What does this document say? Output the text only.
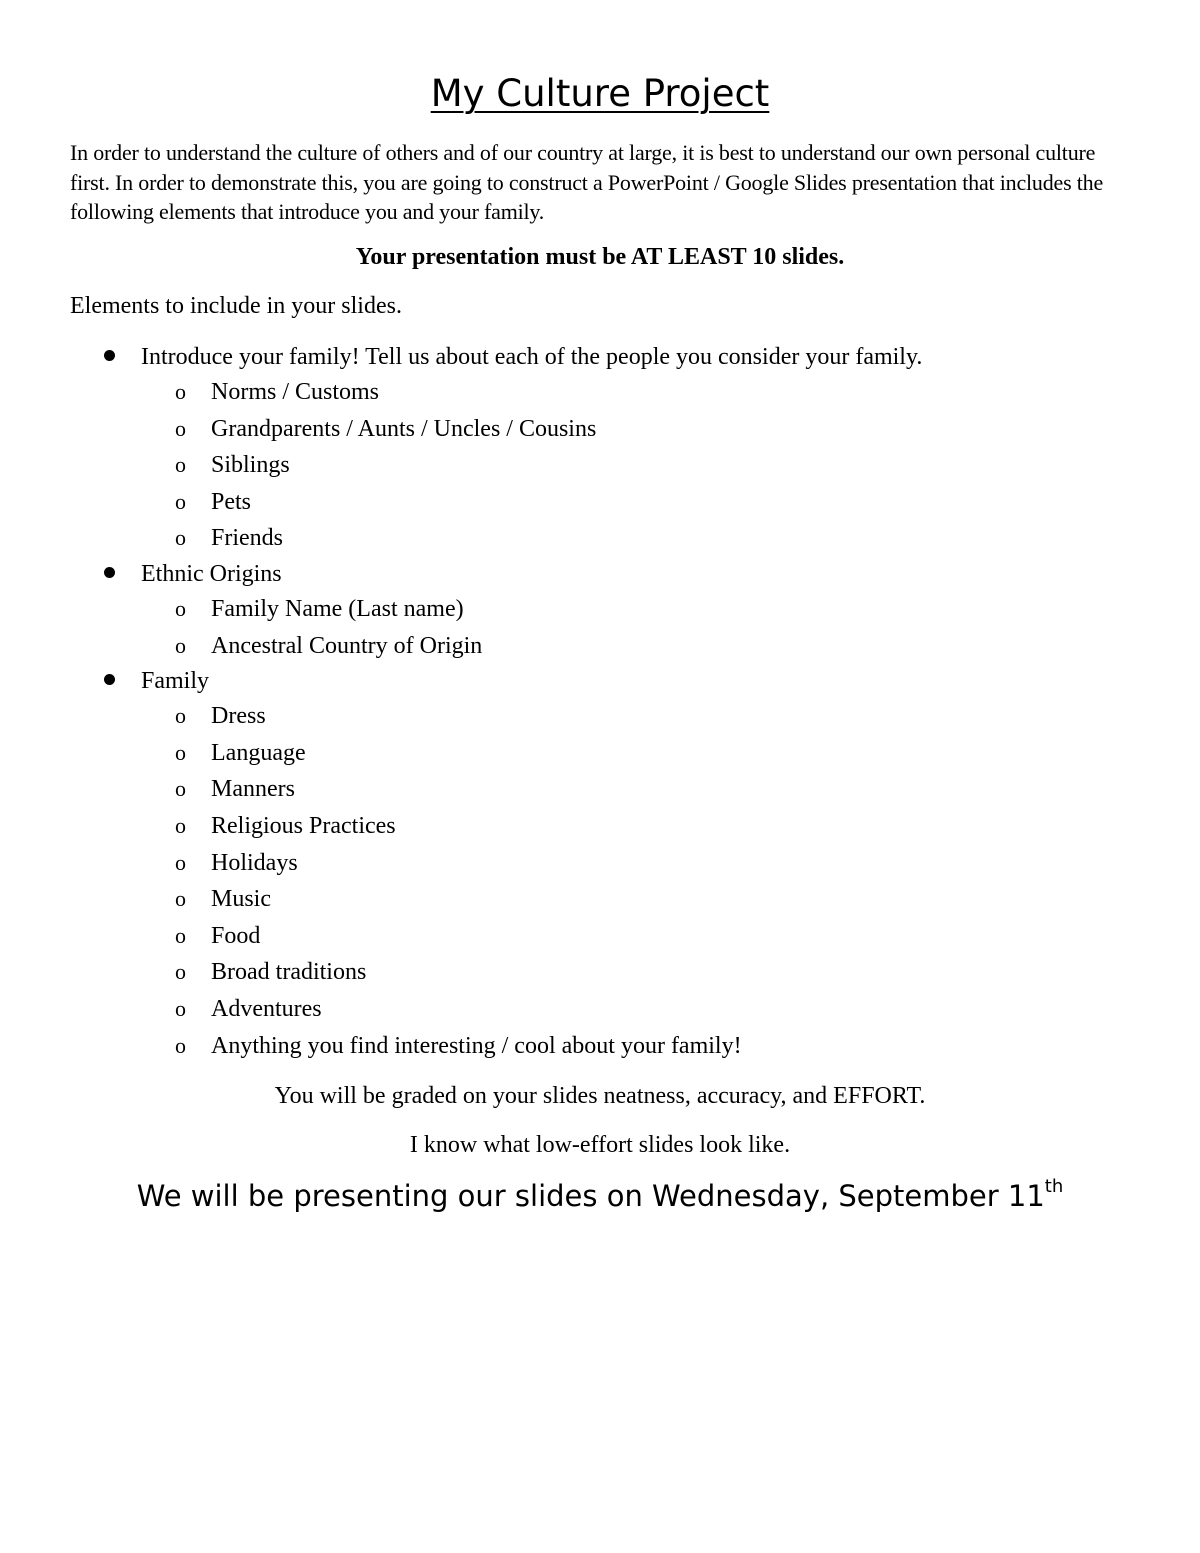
My Culture Project
In order to understand the culture of others and of our country at large, it is best to understand our own personal culture first. In order to demonstrate this, you are going to construct a PowerPoint / Google Slides presentation that includes the following elements that introduce you and your family.
Your presentation must be AT LEAST 10 slides.
Elements to include in your slides.
Introduce your family! Tell us about each of the people you consider your family.
o Norms / Customs
o Grandparents / Aunts / Uncles / Cousins
o Siblings
o Pets
o Friends
Ethnic Origins
o Family Name (Last name)
o Ancestral Country of Origin
Family
o Dress
o Language
o Manners
o Religious Practices
o Holidays
o Music
o Food
o Broad traditions
o Adventures
o Anything you find interesting / cool about your family!
You will be graded on your slides neatness, accuracy, and EFFORT.
I know what low-effort slides look like.
We will be presenting our slides on Wednesday, September 11th
